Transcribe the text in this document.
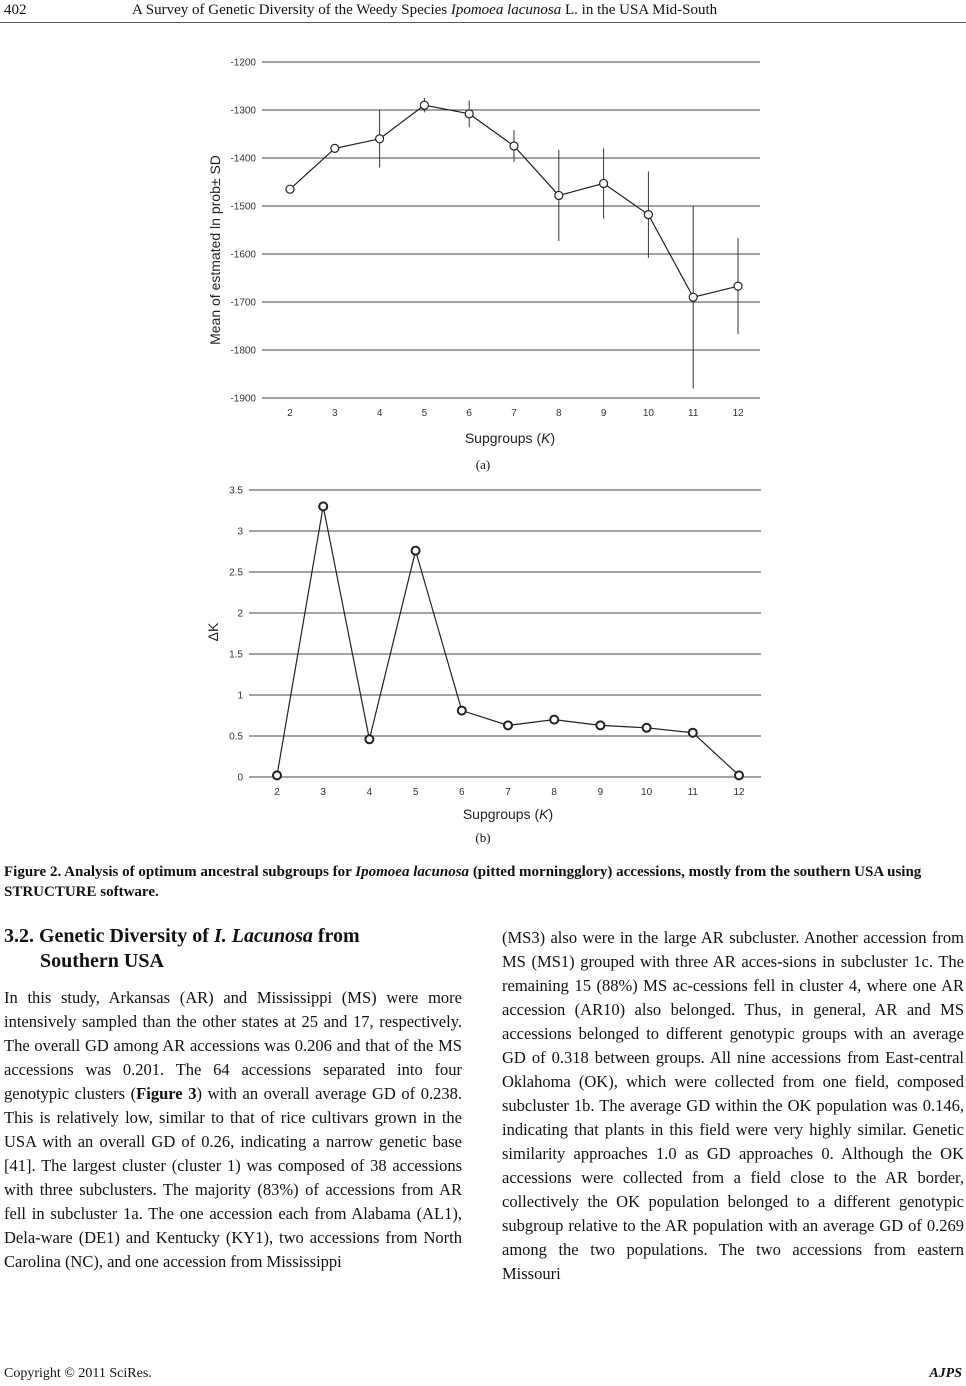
402	A Survey of Genetic Diversity of the Weedy Species Ipomoea lacunosa L. in the USA Mid-South
-1200
-1300
-1400
-1500
-1600
-1700
-1800
-1900
2	3	4	5	6	7	8	9	10	11	12
Supgroups (K)
Mean of estmated ln prob± SD
(a)
0
0.5
1
1.5
2
2.5
3
3.5
2	3	4	5	6	7	8	9	10	11	12
Supgroups (K)
ΔK
(b)
Figure 2. Analysis of optimum ancestral subgroups for Ipomoea lacunosa (pitted morningglory) accessions, mostly from the southern USA using STRUCTURE software.
3.2. Genetic Diversity of I. Lacunosa from
Southern USA

In this study, Arkansas (AR) and Mississippi (MS) were more intensively sampled than the other states at 25 and 17, respectively. The overall GD among AR accessions was 0.206 and that of the MS accessions was 0.201. The 64 accessions separated into four genotypic clusters (Figure 3) with an overall average GD of 0.238. This is relatively low, similar to that of rice cultivars grown in the USA with an overall GD of 0.26, indicating a narrow genetic base [41]. The largest cluster (cluster 1) was composed of 38 accessions with three subclusters. The majority (83%) of accessions from AR fell in subcluster 1a. The one accession each from Alabama (AL1), Dela-ware (DE1) and Kentucky (KY1), two accessions from North Carolina (NC), and one accession from Mississippi

(MS3) also were in the large AR subcluster. Another accession from MS (MS1) grouped with three AR acces-sions in subcluster 1c. The remaining 15 (88%) MS ac-cessions fell in cluster 4, where one AR accession (AR10) also belonged. Thus, in general, AR and MS accessions belonged to different genotypic groups with an average GD of 0.318 between groups. All nine accessions from East-central Oklahoma (OK), which were collected from one field, composed subcluster 1b. The average GD within the OK population was 0.146, indicating that plants in this field were very highly similar. Genetic similarity approaches 1.0 as GD approaches 0. Although the OK accessions were collected from a field close to the AR border, collectively the OK population belonged to a different genotypic subgroup relative to the AR population with an average GD of 0.269 among the two populations. The two accessions from eastern Missouri

Copyright © 2011 SciRes.	AJPS
